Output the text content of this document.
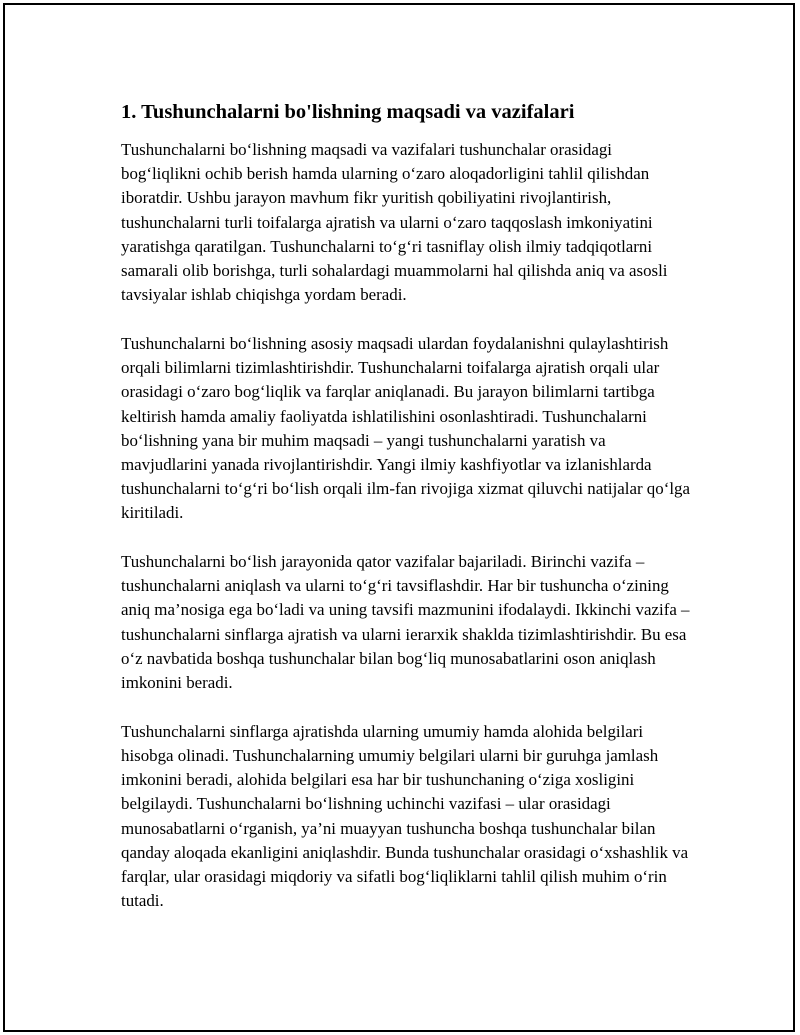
1. Tushunchalarni bo'lishning maqsadi va vazifalari

Tushunchalarni bo‘lishning maqsadi va vazifalari tushunchalar orasidagi bog‘liqlikni ochib berish hamda ularning o‘zaro aloqadorligini tahlil qilishdan iboratdir. Ushbu jarayon mavhum fikr yuritish qobiliyatini rivojlantirish, tushunchalarni turli toifalarga ajratish va ularni o‘zaro taqqoslash imkoniyatini yaratishga qaratilgan. Tushunchalarni to‘g‘ri tasniflay olish ilmiy tadqiqotlarni samarali olib borishga, turli sohalardagi muammolarni hal qilishda aniq va asosli tavsiyalar ishlab chiqishga yordam beradi.

Tushunchalarni bo‘lishning asosiy maqsadi ulardan foydalanishni qulaylashtirish orqali bilimlarni tizimlashtirishdir. Tushunchalarni toifalarga ajratish orqali ular orasidagi o‘zaro bog‘liqlik va farqlar aniqlanadi. Bu jarayon bilimlarni tartibga keltirish hamda amaliy faoliyatda ishlatilishini osonlashtiradi. Tushunchalarni bo‘lishning yana bir muhim maqsadi – yangi tushunchalarni yaratish va mavjudlarini yanada rivojlantirishdir. Yangi ilmiy kashfiyotlar va izlanishlarda tushunchalarni to‘g‘ri bo‘lish orqali ilm-fan rivojiga xizmat qiluvchi natijalar qo‘lga kiritiladi.

Tushunchalarni bo‘lish jarayonida qator vazifalar bajariladi. Birinchi vazifa – tushunchalarni aniqlash va ularni to‘g‘ri tavsiflashdir. Har bir tushuncha o‘zining aniq ma’nosiga ega bo‘ladi va uning tavsifi mazmunini ifodalaydi. Ikkinchi vazifa – tushunchalarni sinflarga ajratish va ularni ierarxik shaklda tizimlashtirishdir. Bu esa o‘z navbatida boshqa tushunchalar bilan bog‘liq munosabatlarini oson aniqlash imkonini beradi.

Tushunchalarni sinflarga ajratishda ularning umumiy hamda alohida belgilari hisobga olinadi. Tushunchalarning umumiy belgilari ularni bir guruhga jamlash imkonini beradi, alohida belgilari esa har bir tushunchaning o‘ziga xosligini belgilaydi. Tushunchalarni bo‘lishning uchinchi vazifasi – ular orasidagi munosabatlarni o‘rganish, ya’ni muayyan tushuncha boshqa tushunchalar bilan qanday aloqada ekanligini aniqlashdir. Bunda tushunchalar orasidagi o‘xshashlik va farqlar, ular orasidagi miqdoriy va sifatli bog‘liqliklarni tahlil qilish muhim o‘rin tutadi.
